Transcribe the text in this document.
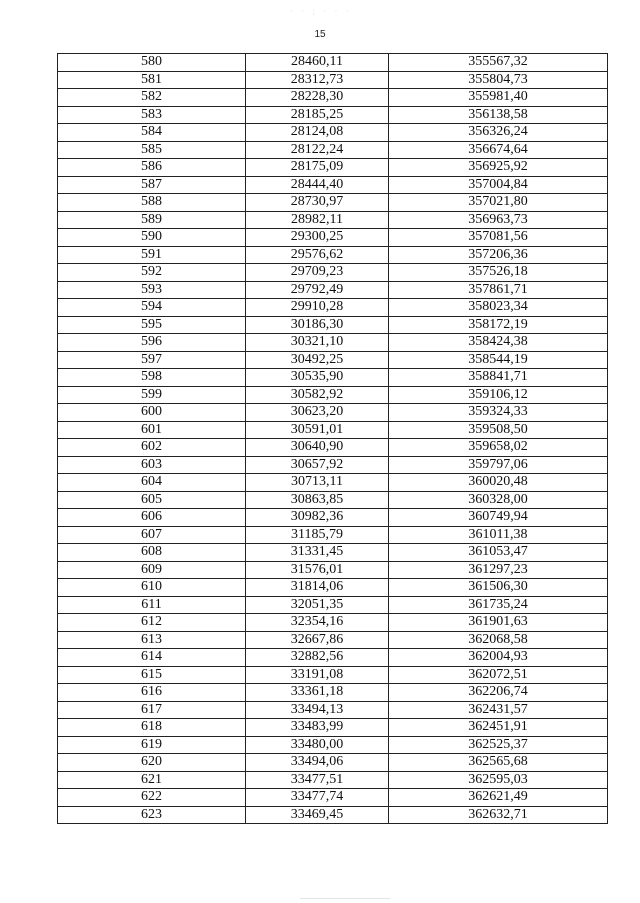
· · ; · · ·
15
580	28460,11	355567,32
581	28312,73	355804,73
582	28228,30	355981,40
583	28185,25	356138,58
584	28124,08	356326,24
585	28122,24	356674,64
586	28175,09	356925,92
587	28444,40	357004,84
588	28730,97	357021,80
589	28982,11	356963,73
590	29300,25	357081,56
591	29576,62	357206,36
592	29709,23	357526,18
593	29792,49	357861,71
594	29910,28	358023,34
595	30186,30	358172,19
596	30321,10	358424,38
597	30492,25	358544,19
598	30535,90	358841,71
599	30582,92	359106,12
600	30623,20	359324,33
601	30591,01	359508,50
602	30640,90	359658,02
603	30657,92	359797,06
604	30713,11	360020,48
605	30863,85	360328,00
606	30982,36	360749,94
607	31185,79	361011,38
608	31331,45	361053,47
609	31576,01	361297,23
610	31814,06	361506,30
611	32051,35	361735,24
612	32354,16	361901,63
613	32667,86	362068,58
614	32882,56	362004,93
615	33191,08	362072,51
616	33361,18	362206,74
617	33494,13	362431,57
618	33483,99	362451,91
619	33480,00	362525,37
620	33494,06	362565,68
621	33477,51	362595,03
622	33477,74	362621,49
623	33469,45	362632,71
